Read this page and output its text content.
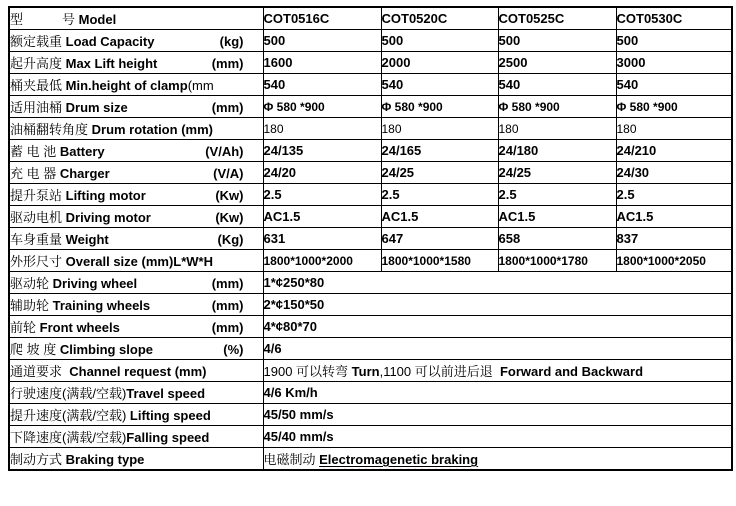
型　　　号 Model	COT0516C	COT0520C	COT0525C	COT0530C

额定载重 Load Capacity (kg)	500	500	500	500

起升高度 Max Lift height (mm)	1600	2000	2500	3000

桶夹最低 Min.height of clamp (mm	540	540	540	540

适用油桶 Drum size (mm)	Φ 580 *900	Φ 580 *900	Φ 580 *900	Φ 580 *900

油桶翻转角度 Drum rotation (mm)	180	180	180	180

蓄 电 池 Battery (V/Ah)	24/135	24/165	24/180	24/210

充 电 器 Charger (V/A)	24/20	24/25	24/25	24/30

提升泵站 Lifting motor (Kw)	2.5	2.5	2.5	2.5

驱动电机 Driving motor (Kw)	AC1.5	AC1.5	AC1.5	AC1.5

车身重量 Weight (Kg)	631	647	658	837

外形尺寸 Overall size (mm)L*W*H	1800*1000*2000	1800*1000*1580	1800*1000*1780	1800*1000*2050

驱动轮 Driving wheel (mm)	1*¢250*80			

辅助轮 Training wheels (mm)	2*¢150*50			

前轮 Front wheels (mm)	4*¢80*70			

爬 坡 度 Climbing slope (%)	4/6			

通道要求 Channel request (mm)	1900 可以转弯 Turn,1100 可以前进后退  Forward and Backward			

行驶速度(满载/空载) Travel speed	4/6 Km/h			

提升速度(满载/空载) Lifting speed	45/50 mm/s			

下降速度(满载/空载) Falling speed	45/40 mm/s			

制动方式 Braking type	电磁制动 Electromagenetic braking			
